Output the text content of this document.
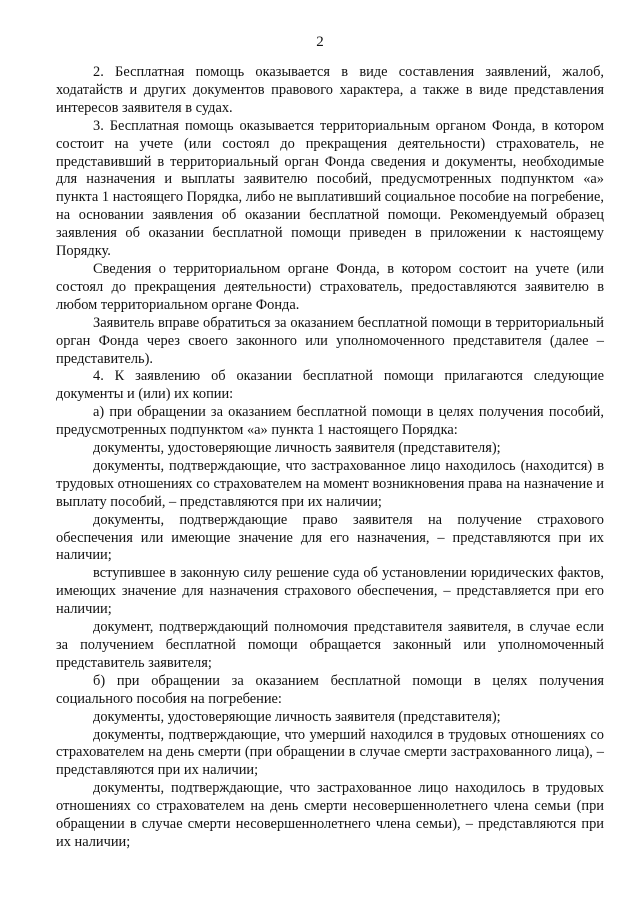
2

2. Бесплатная помощь оказывается в виде составления заявлений, жалоб, ходатайств и других документов правового характера, а также в виде представления интересов заявителя в судах.

3. Бесплатная помощь оказывается территориальным органом Фонда, в котором состоит на учете (или состоял до прекращения деятельности) страхователь, не представивший в территориальный орган Фонда сведения и документы, необходимые для назначения и выплаты заявителю пособий, предусмотренных подпунктом «а» пункта 1 настоящего Порядка, либо не выплативший социальное пособие на погребение, на основании заявления об оказании бесплатной помощи. Рекомендуемый образец заявления об оказании бесплатной помощи приведен в приложении к настоящему Порядку.

Сведения о территориальном органе Фонда, в котором состоит на учете (или состоял до прекращения деятельности) страхователь, предоставляются заявителю в любом территориальном органе Фонда.

Заявитель вправе обратиться за оказанием бесплатной помощи в территориальный орган Фонда через своего законного или уполномоченного представителя (далее – представитель).

4. К заявлению об оказании бесплатной помощи прилагаются следующие документы и (или) их копии:

а) при обращении за оказанием бесплатной помощи в целях получения пособий, предусмотренных подпунктом «а» пункта 1 настоящего Порядка:

документы, удостоверяющие личность заявителя (представителя);

документы, подтверждающие, что застрахованное лицо находилось (находится) в трудовых отношениях со страхователем на момент возникновения права на назначение и выплату пособий, – представляются при их наличии;

документы, подтверждающие право заявителя на получение страхового обеспечения или имеющие значение для его назначения, – представляются при их наличии;

вступившее в законную силу решение суда об установлении юридических фактов, имеющих значение для назначения страхового обеспечения, – представляется при его наличии;

документ, подтверждающий полномочия представителя заявителя, в случае если за получением бесплатной помощи обращается законный или уполномоченный представитель заявителя;

б) при обращении за оказанием бесплатной помощи в целях получения социального пособия на погребение:

документы, удостоверяющие личность заявителя (представителя);

документы, подтверждающие, что умерший находился в трудовых отношениях со страхователем на день смерти (при обращении в случае смерти застрахованного лица), – представляются при их наличии;

документы, подтверждающие, что застрахованное лицо находилось в трудовых отношениях со страхователем на день смерти несовершеннолетнего члена семьи (при обращении в случае смерти несовершеннолетнего члена семьи), – представляются при их наличии;
